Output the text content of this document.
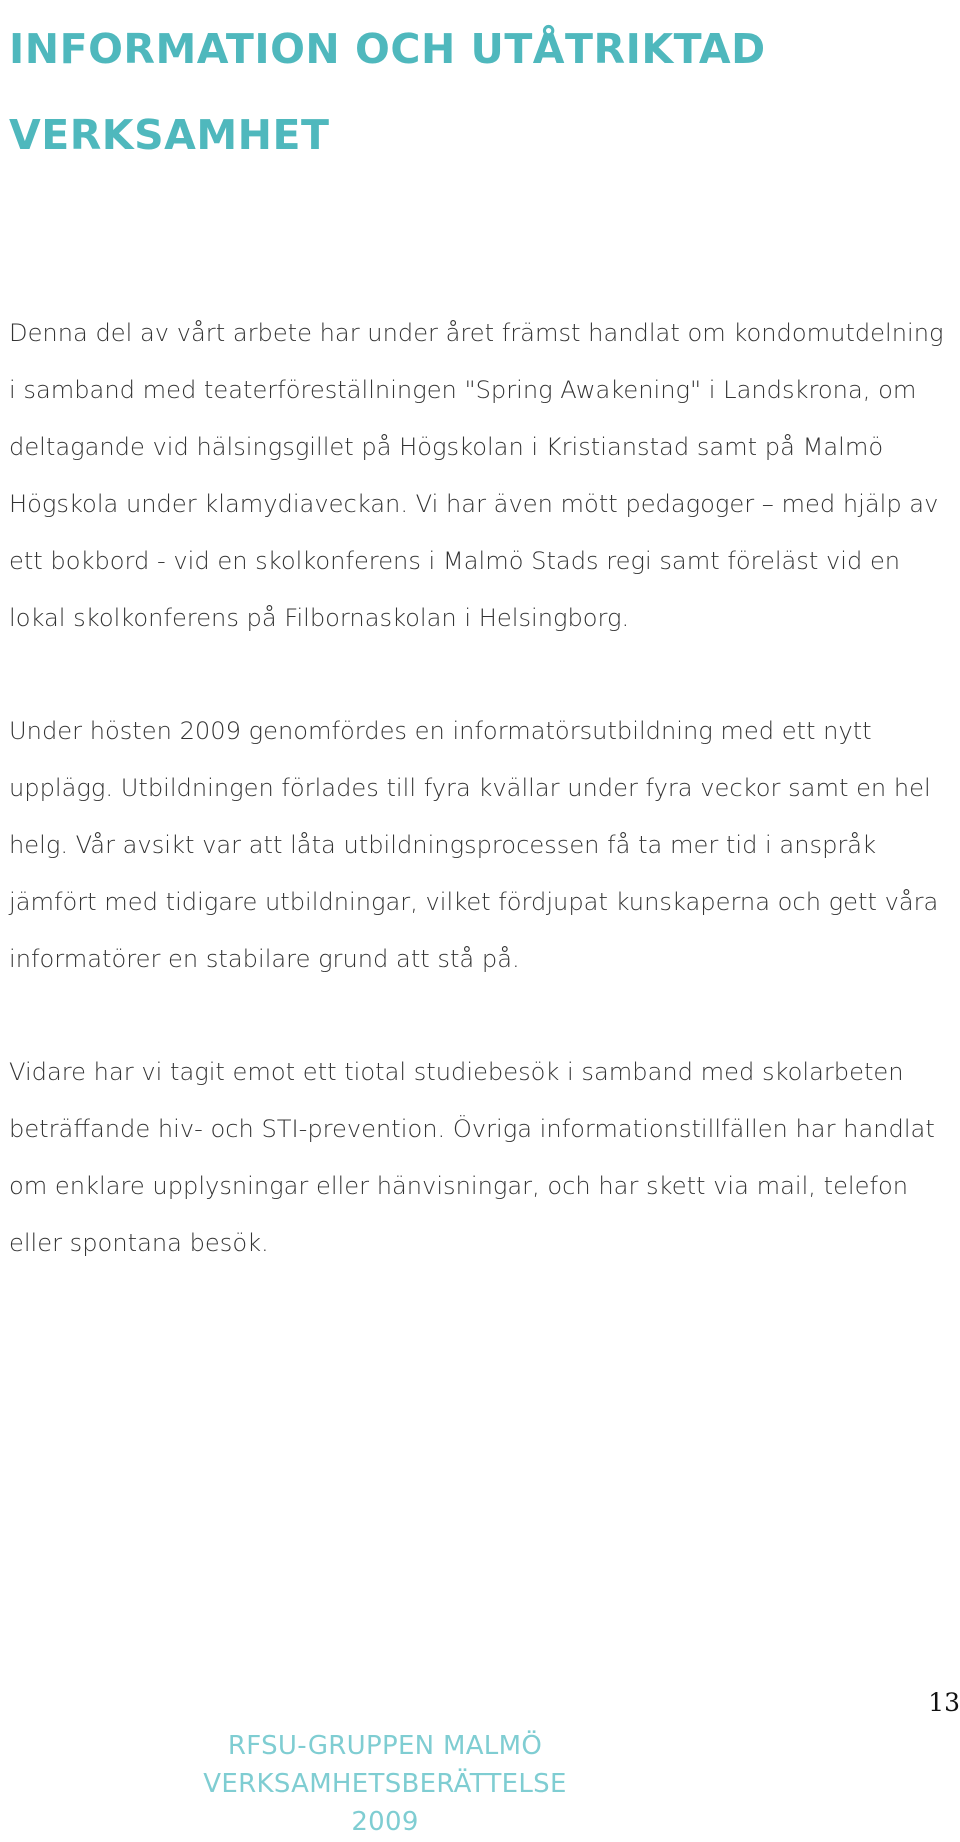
INFORMATION OCH UTÅTRIKTAD
VERKSAMHET

Denna del av vårt arbete har under året främst handlat om kondomutdelning
i samband med teaterföreställningen "Spring Awakening" i Landskrona, om
deltagande vid hälsingsgillet på Högskolan i Kristianstad samt på Malmö
Högskola under klamydiaveckan. Vi har även mött pedagoger – med hjälp av
ett bokbord - vid en skolkonferens i Malmö Stads regi samt föreläst vid en
lokal skolkonferens på Filbornaskolan i Helsingborg.

Under hösten 2009 genomfördes en informatörsutbildning med ett nytt
upplägg. Utbildningen förlades till fyra kvällar under fyra veckor samt en hel
helg. Vår avsikt var att låta utbildningsprocessen få ta mer tid i anspråk
jämfört med tidigare utbildningar, vilket fördjupat kunskaperna och gett våra
informatörer en stabilare grund att stå på.

Vidare har vi tagit emot ett tiotal studiebesök i samband med skolarbeten
beträffande hiv- och STI-prevention. Övriga informationstillfällen har handlat
om enklare upplysningar eller hänvisningar, och har skett via mail, telefon
eller spontana besök.

13
RFSU-GRUPPEN MALMÖ
VERKSAMHETSBERÄTTELSE
2009
